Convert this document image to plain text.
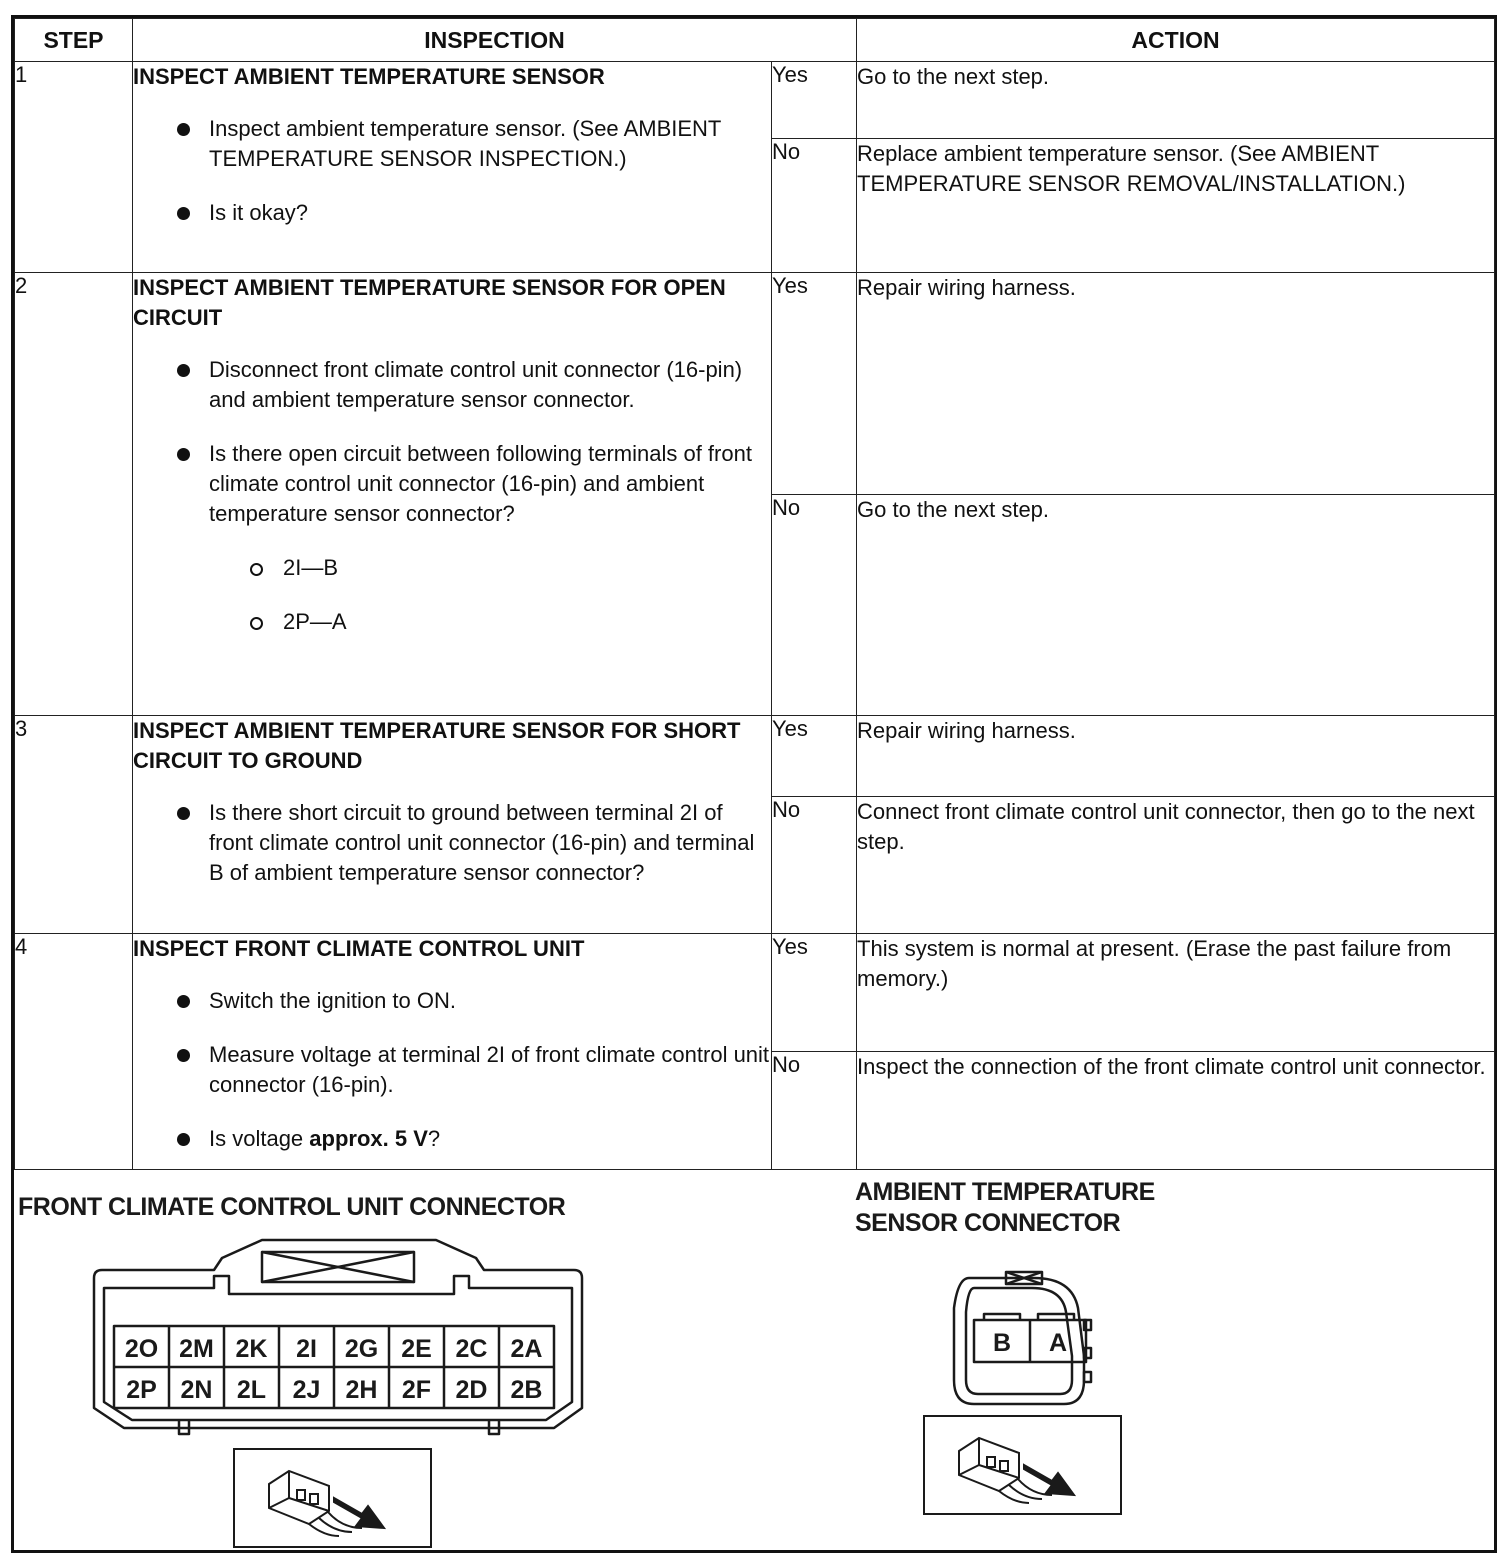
STEP	INSPECTION		ACTION
1	INSPECT AMBIENT TEMPERATURE SENSOR
Inspect ambient temperature sensor. (See AMBIENT TEMPERATURE SENSOR INSPECTION.)
Is it okay?	Yes	Go to the next step.
		No	Replace ambient temperature sensor. (See AMBIENT TEMPERATURE SENSOR REMOVAL/INSTALLATION.)
2	INSPECT AMBIENT TEMPERATURE SENSOR FOR OPEN CIRCUIT
Disconnect front climate control unit connector (16-pin) and ambient temperature sensor connector.
Is there open circuit between following terminals of front climate control unit connector (16-pin) and ambient temperature sensor connector?
2I—B
2P—A	Yes	Repair wiring harness.
		No	Go to the next step.
3	INSPECT AMBIENT TEMPERATURE SENSOR FOR SHORT CIRCUIT TO GROUND
Is there short circuit to ground between terminal 2I of front climate control unit connector (16-pin) and terminal B of ambient temperature sensor connector?	Yes	Repair wiring harness.
		No	Connect front climate control unit connector, then go to the next step.
4	INSPECT FRONT CLIMATE CONTROL UNIT
Switch the ignition to ON.
Measure voltage at terminal 2I of front climate control unit connector (16-pin).
Is voltage approx. 5 V?	Yes	This system is normal at present. (Erase the past failure from memory.)
		No	Inspect the connection of the front climate control unit connector.
FRONT CLIMATE CONTROL UNIT CONNECTOR
2O 2M 2K 2I 2G 2E 2C 2A
2P 2N 2L 2J 2H 2F 2D 2B
AMBIENT TEMPERATURE
SENSOR CONNECTOR
B A
